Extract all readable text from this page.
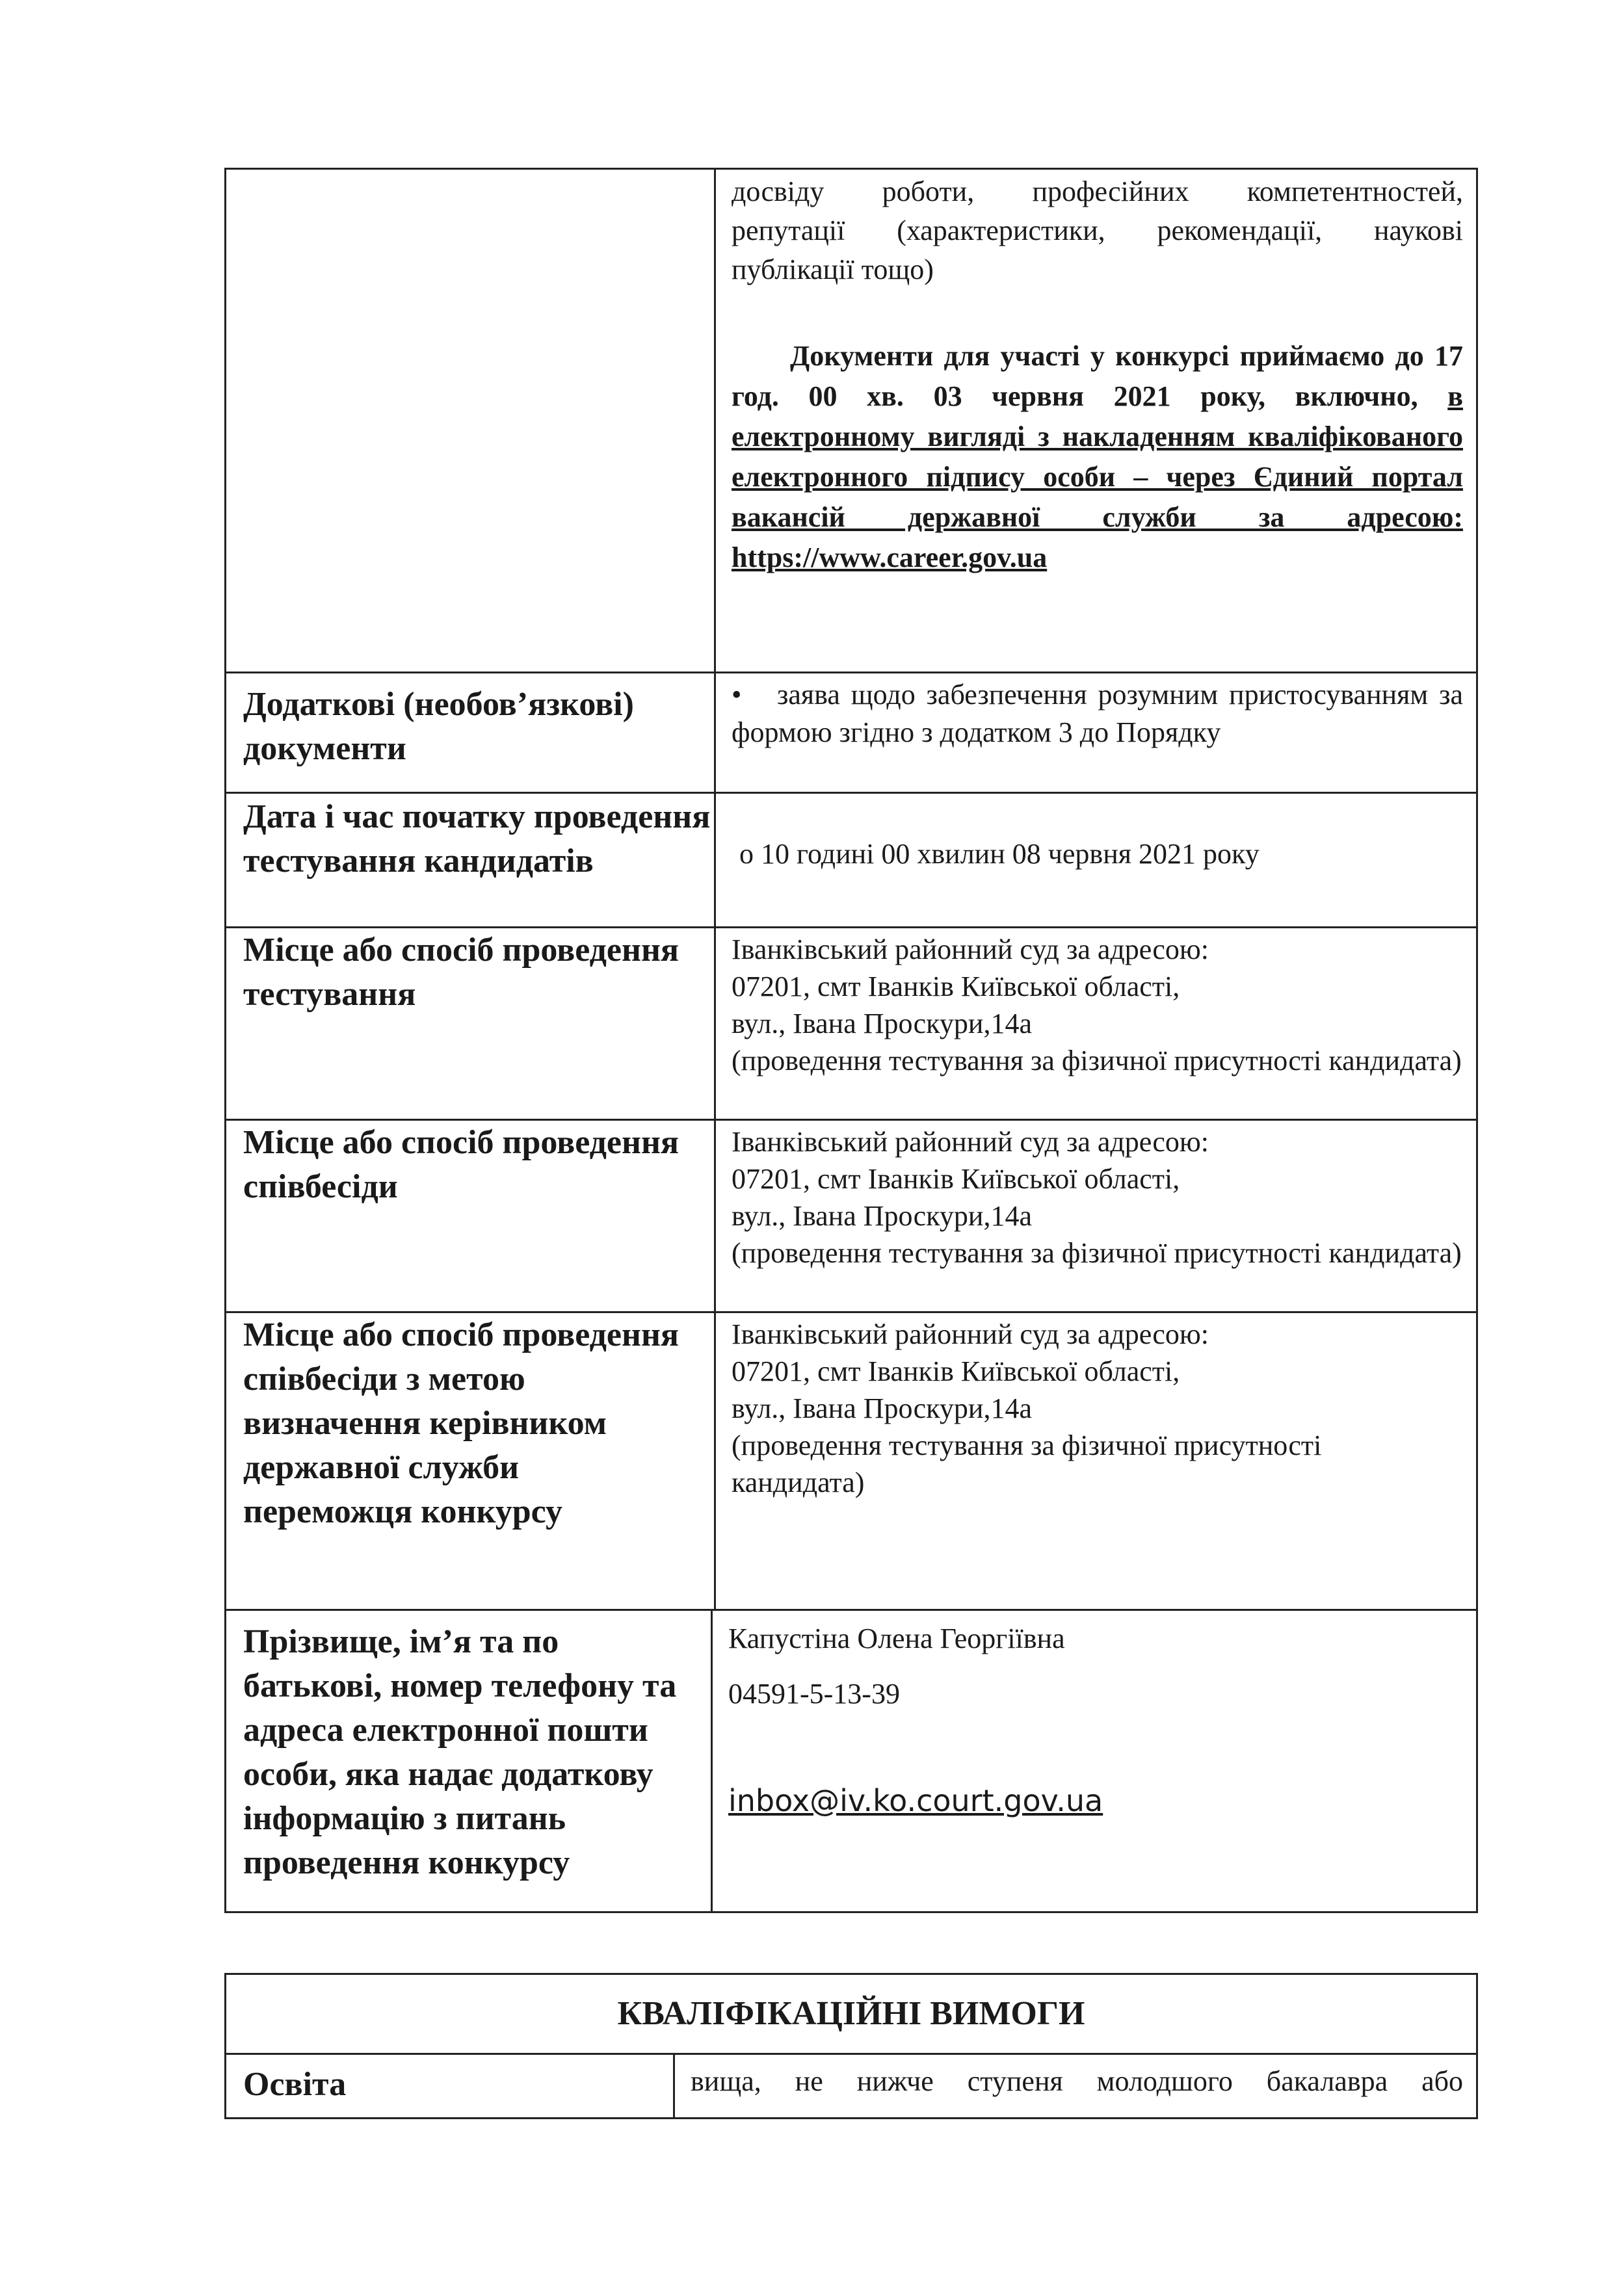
досвіду роботи, професійних компетентностей,
репутації (характеристики, рекомендації, наукові
публікації тощо)
Документи для участі у конкурсі приймаємо до 17 год. 00 хв. 03 червня 2021 року, включно, в електронному вигляді з накладенням кваліфікованого електронного підпису особи – через Єдиний портал вакансій державної служби за адресою: https://www.career.gov.ua
Додаткові (необов’язкові) документи
• заява щодо забезпечення розумним пристосуванням за формою згідно з додатком 3 до Порядку
Дата і час початку проведення тестування кандидатів	о 10 годині 00 хвилин 08 червня 2021 року
Місце або спосіб проведення тестування
Іванківський районний суд за адресою:
07201, смт Іванків Київської області,
вул., Івана Проскури,14а
(проведення тестування за фізичної присутності кандидата)
Місце або спосіб проведення співбесіди
Іванківський районний суд за адресою:
07201, смт Іванків Київської області,
вул., Івана Проскури,14а
(проведення тестування за фізичної присутності кандидата)
Місце або спосіб проведення співбесіди з метою визначення керівником державної служби переможця конкурсу
Іванківський районний суд за адресою:
07201, смт Іванків Київської області,
вул., Івана Проскури,14а
(проведення тестування за фізичної присутності
кандидата)
Прізвище, ім’я та по батькові, номер телефону та адреса електронної пошти особи, яка надає додаткову інформацію з питань проведення конкурсу
Капустіна Олена Георгіївна
04591-5-13-39
inbox@iv.ko.court.gov.ua
КВАЛІФІКАЦІЙНІ ВИМОГИ
Освіта	вища, не нижче ступеня молодшого бакалавра або
